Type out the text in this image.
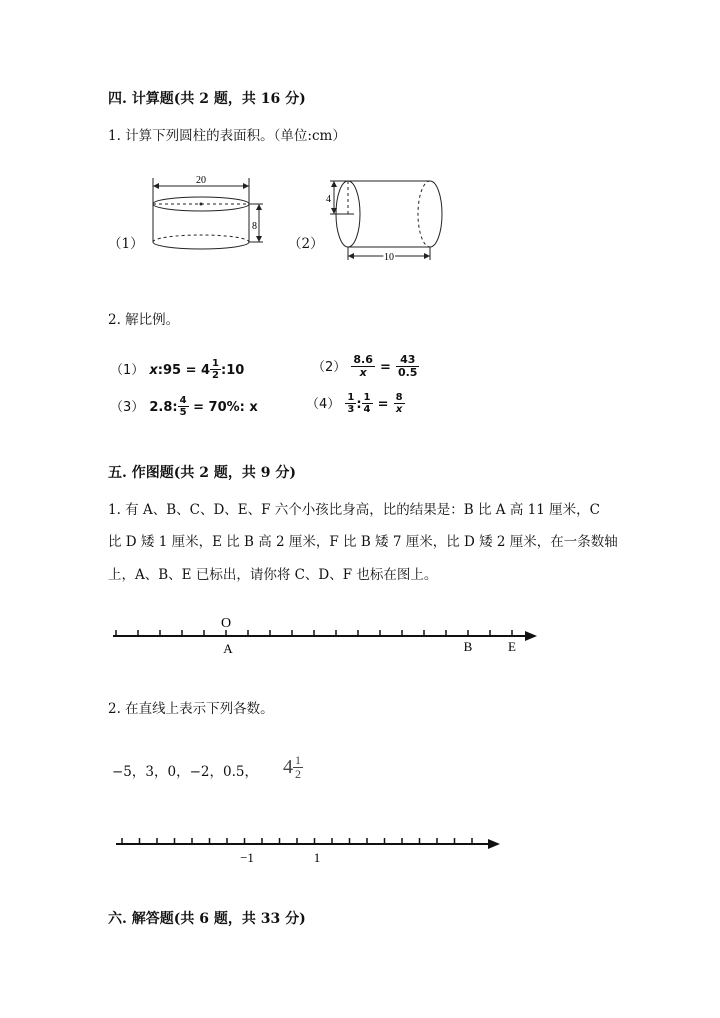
四. 计算题(共 2 题，共 16 分)
1. 计算下列圆柱的表面积。（单位:cm）
（1）
20
8
（2）
4
10
2. 解比例。
（1） x:95 = $4 \frac{1}{2}$ :10	$(2) \frac{8.6}{x} = \frac{43}{0.5}$
（3） 2.8: $\frac{4}{5} = 70\%$: x	$(4) \frac{1}{3}$ : $\frac{1}{4} = \frac{8}{x}$
五. 作图题(共 2 题，共 9 分)
1. 有 A、B、C、D、E、F 六个小孩比身高，比的结果是：B 比 A 高 11 厘米，C
比 D 矮 1 厘米，E 比 B 高 2 厘米，F 比 B 矮 7 厘米，比 D 矮 2 厘米，在一条数轴
上，A、B、E 已标出，请你将 C、D、F 也标在图上。
O
A	B	E
2. 在直线上表示下列各数。
−5，3，0，−2，0.5， $4 \frac{1}{2}$
−1	1
六. 解答题(共 6 题，共 33 分)
